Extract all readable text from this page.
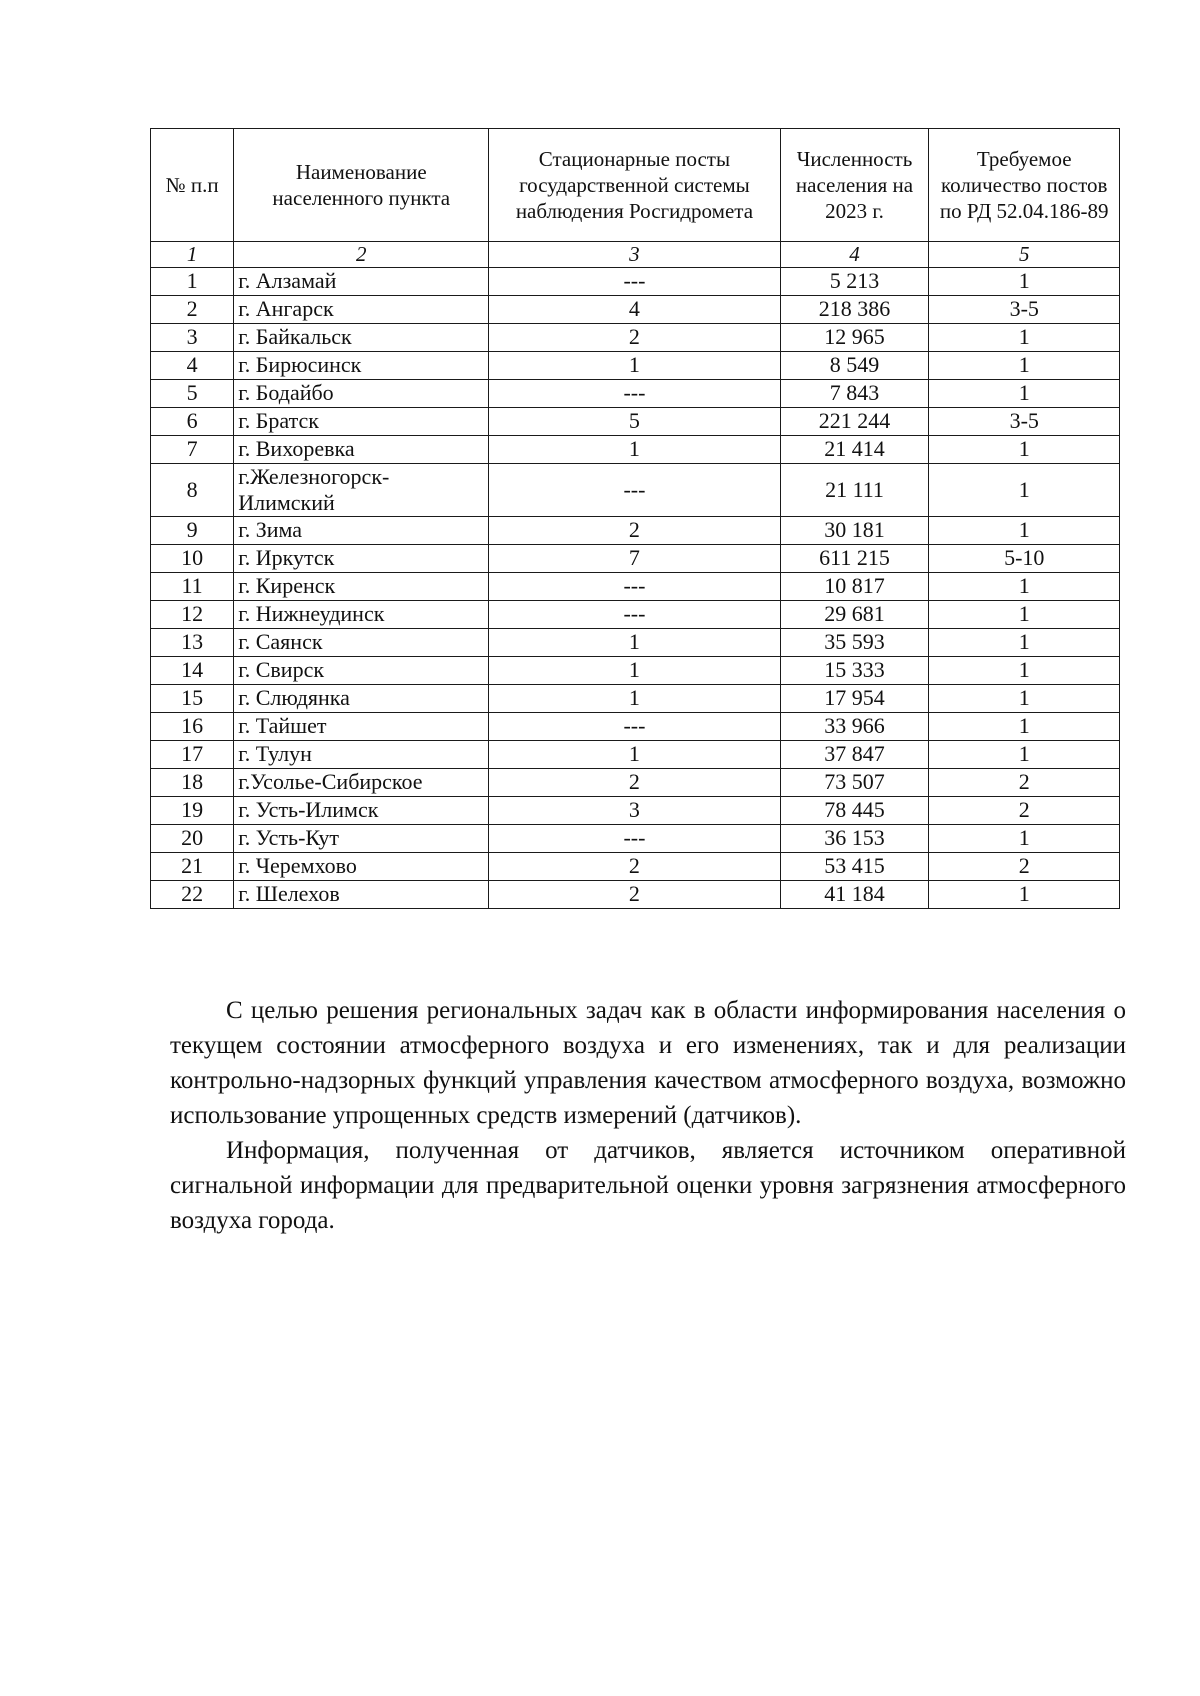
№ п.п	Наименование населенного пункта	Стационарные посты государственной системы наблюдения Росгидромета	Численность населения на 2023 г.	Требуемое количество постов по РД 52.04.186-89
1	2	3	4	5
1	г. Алзамай	---	5 213	1
2	г. Ангарск	4	218 386	3-5
3	г. Байкальск	2	12 965	1
4	г. Бирюсинск	1	8 549	1
5	г. Бодайбо	---	7 843	1
6	г. Братск	5	221 244	3-5
7	г. Вихоревка	1	21 414	1
8	г.Железногорск-Илимский	---	21 111	1
9	г. Зима	2	30 181	1
10	г. Иркутск	7	611 215	5-10
11	г. Киренск	---	10 817	1
12	г. Нижнеудинск	---	29 681	1
13	г. Саянск	1	35 593	1
14	г. Свирск	1	15 333	1
15	г. Слюдянка	1	17 954	1
16	г. Тайшет	---	33 966	1
17	г. Тулун	1	37 847	1
18	г.Усолье-Сибирское	2	73 507	2
19	г. Усть-Илимск	3	78 445	2
20	г. Усть-Кут	---	36 153	1
21	г. Черемхово	2	53 415	2
22	г. Шелехов	2	41 184	1

С целью решения региональных задач как в области информирования населения о текущем состоянии атмосферного воздуха и его изменениях, так и для реализации контрольно-надзорных функций управления качеством атмосферного воздуха, возможно использование упрощенных средств измерений (датчиков).

Информация, полученная от датчиков, является источником оперативной сигнальной информации для предварительной оценки уровня загрязнения атмосферного воздуха города.
